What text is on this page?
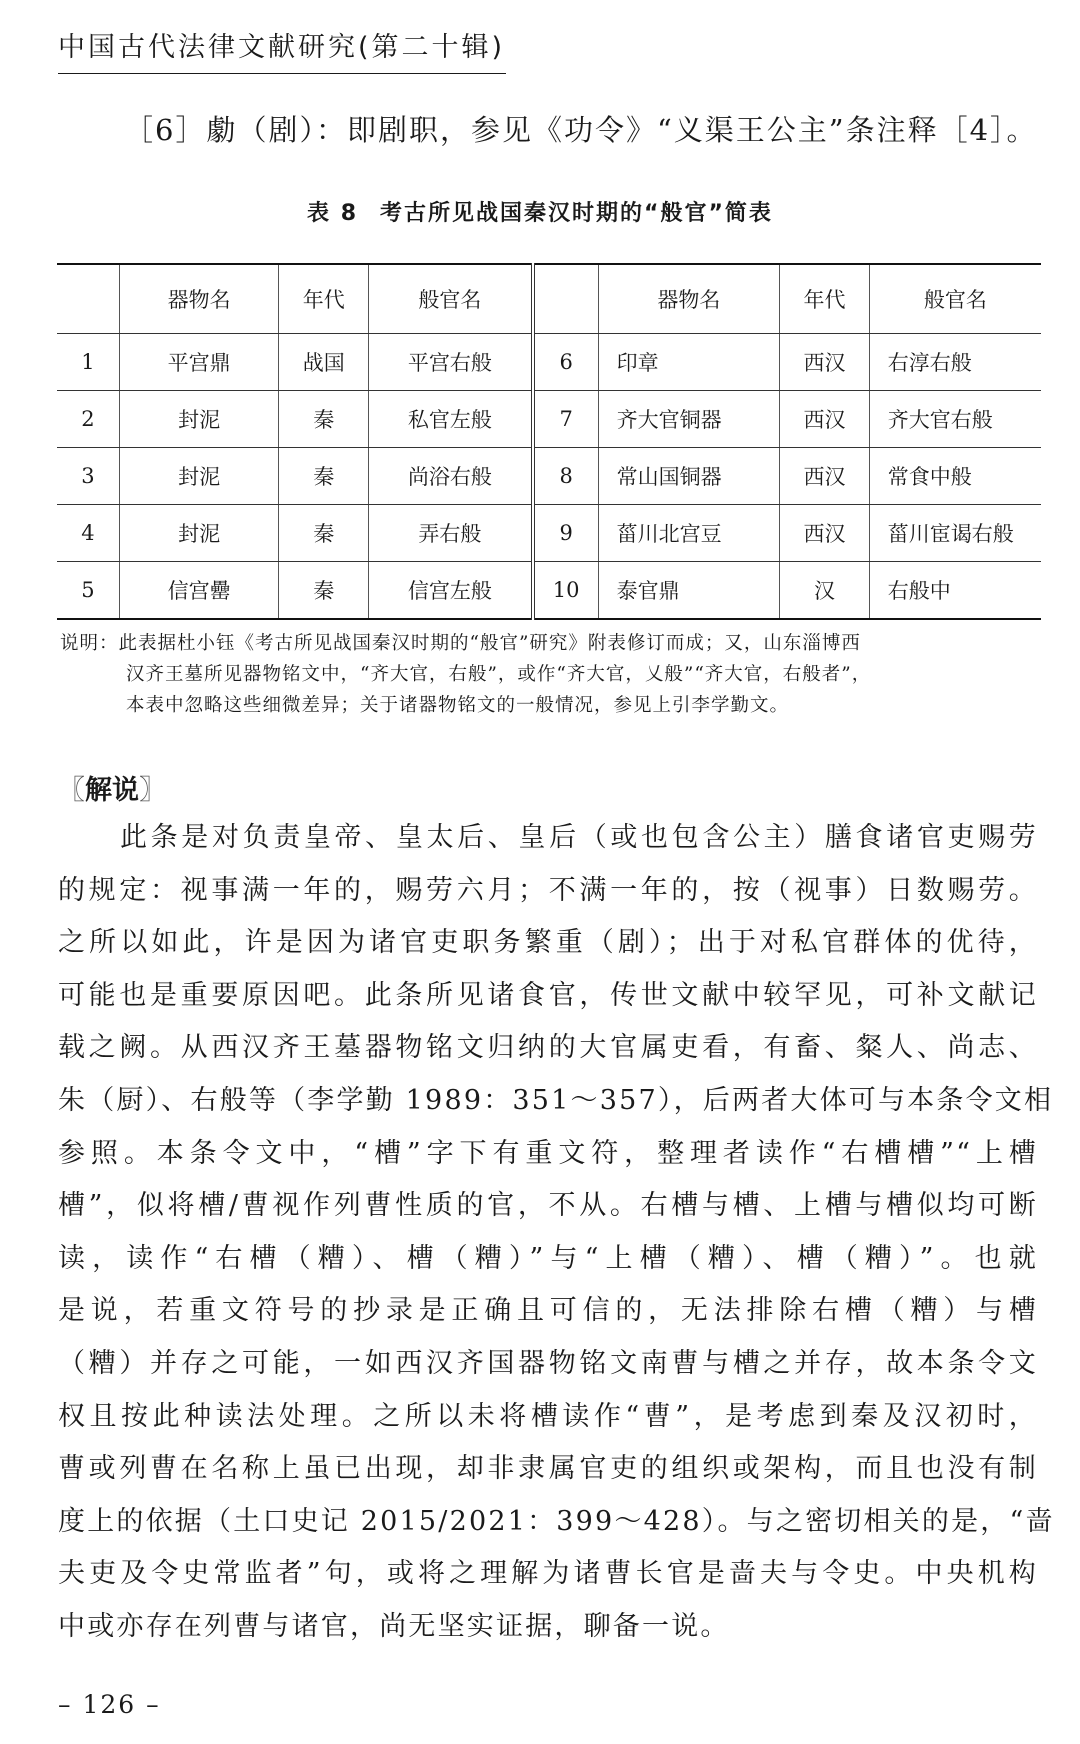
中国古代法律文献研究(第二十辑)
［6］勮（剧）：即剧职，参见《功令》“义渠王公主”条注释［4］。
表 8 考古所见战国秦汉时期的“般官”简表
	器物名	年代	般官名		器物名	年代	般官名
1	平宫鼎	战国	平宫右般	6	印章	西汉	右淳右般
2	封泥	秦	私官左般	7	齐大官铜器	西汉	齐大官右般
3	封泥	秦	尚浴右般	8	常山国铜器	西汉	常食中般
4	封泥	秦	弄右般	9	菑川北宫豆	西汉	菑川宦谒右般
5	信宫罍	秦	信宫左般	10	泰官鼎	汉	右般中
说明：此表据杜小钰《考古所见战国秦汉时期的“般官”研究》附表修订而成；又，山东淄博西
汉齐王墓所见器物铭文中，“齐大官，右般”，或作“齐大官，乂般”“齐大官，右般者”，
本表中忽略这些细微差异；关于诸器物铭文的一般情况，参见上引李学勤文。
〖解说〗
此条是对负责皇帝、皇太后、皇后（或也包含公主）膳食诸官吏赐劳
的规定：视事满一年的，赐劳六月；不满一年的，按（视事）日数赐劳。
之所以如此，许是因为诸官吏职务繁重（剧）；出于对私官群体的优待，
可能也是重要原因吧。此条所见诸食官，传世文献中较罕见，可补文献记
载之阙。从西汉齐王墓器物铭文归纳的大官属吏看，有畜、粲人、尚志、
朱（厨）、右般等（李学勤 1989：351～357），后两者大体可与本条令文相
参照。本条令文中，“槽”字下有重文符，整理者读作“右槽槽”“上槽
槽”，似将槽/曹视作列曹性质的官，不从。右槽与槽、上槽与槽似均可断
读，读作“右槽（糟）、槽（糟）”与“上槽（糟）、槽（糟）”。也就
是说，若重文符号的抄录是正确且可信的，无法排除右槽（糟）与槽
（糟）并存之可能，一如西汉齐国器物铭文南曹与槽之并存，故本条令文
权且按此种读法处理。之所以未将槽读作“曹”，是考虑到秦及汉初时，
曹或列曹在名称上虽已出现，却非隶属官吏的组织或架构，而且也没有制
度上的依据（土口史记 2015/2021：399～428）。与之密切相关的是，“啬
夫吏及令史常监者”句，或将之理解为诸曹长官是啬夫与令史。中央机构
中或亦存在列曹与诸官，尚无坚实证据，聊备一说。
– 126 –
